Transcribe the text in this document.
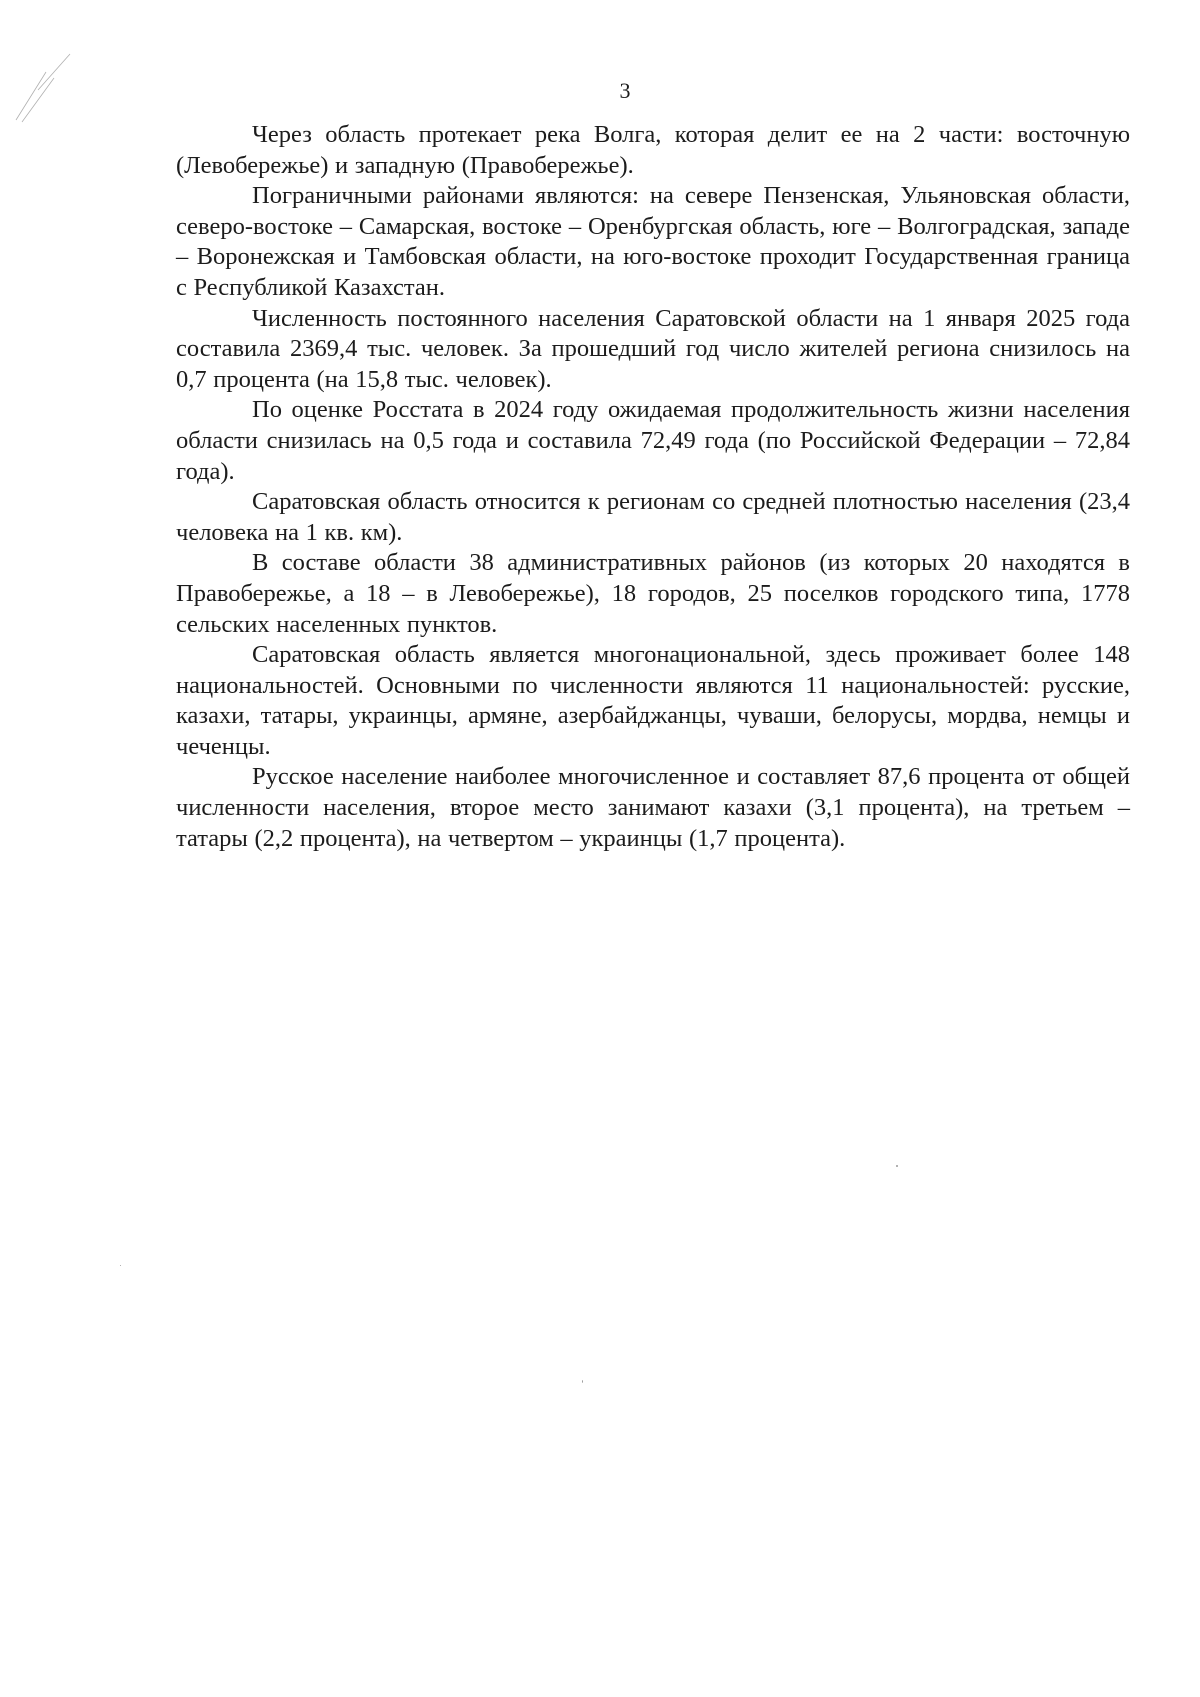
3

Через область протекает река Волга, которая делит ее на 2 части: восточную (Левобережье) и западную (Правобережье).

Пограничными районами являются: на севере Пензенская, Ульяновская области, северо-востоке – Самарская, востоке – Оренбургская область, юге – Волгоградская, западе – Воронежская и Тамбовская области, на юго-востоке проходит Государственная граница с Республикой Казахстан.

Численность постоянного населения Саратовской области на 1 января 2025 года составила 2369,4 тыс. человек. За прошедший год число жителей региона снизилось на 0,7 процента (на 15,8 тыс. человек).

По оценке Росстата в 2024 году ожидаемая продолжительность жизни населения области снизилась на 0,5 года и составила 72,49 года (по Российской Федерации – 72,84 года).

Саратовская область относится к регионам со средней плотностью населения (23,4 человека на 1 кв. км).

В составе области 38 административных районов (из которых 20 находятся в Правобережье, а 18 – в Левобережье), 18 городов, 25 поселков городского типа, 1778 сельских населенных пунктов.

Саратовская область является многонациональной, здесь проживает более 148 национальностей. Основными по численности являются 11 национальностей: русские, казахи, татары, украинцы, армяне, азербайджанцы, чуваши, белорусы, мордва, немцы и чеченцы.

Русское население наиболее многочисленное и составляет 87,6 процента от общей численности населения, второе место занимают казахи (3,1 процента), на третьем – татары (2,2 процента), на четвертом – украинцы (1,7 процента).
